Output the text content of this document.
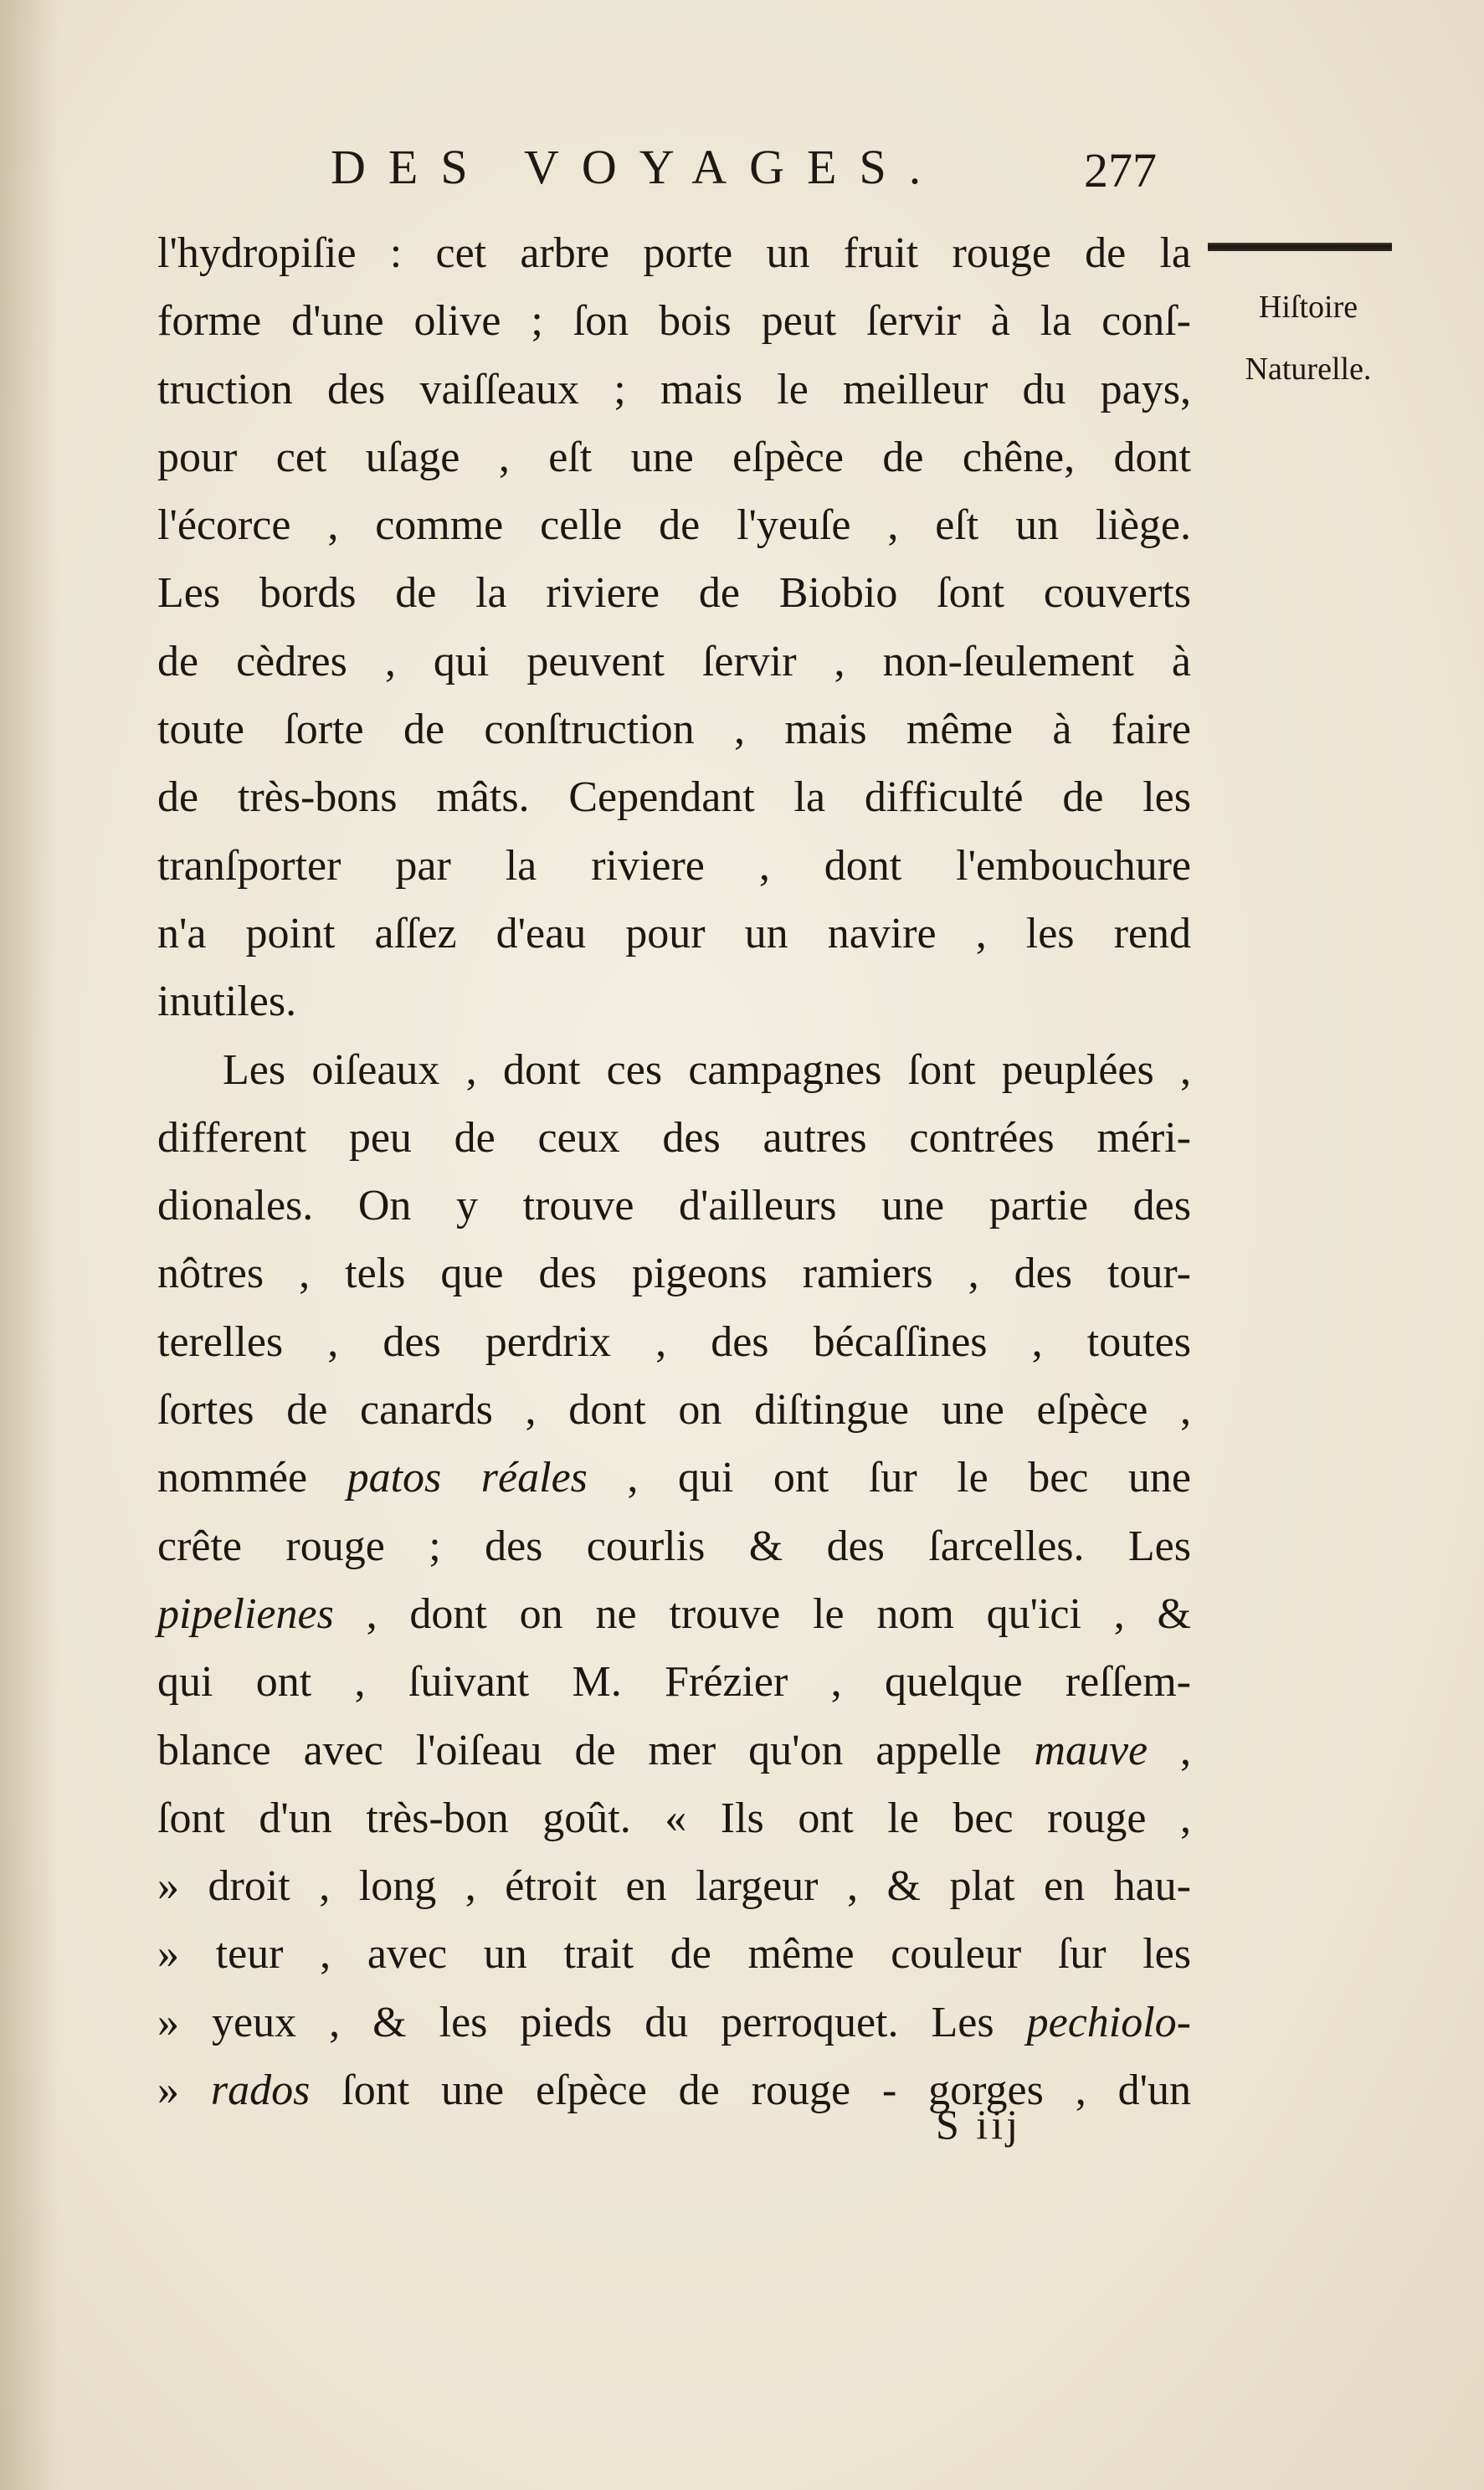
DES VOYAGES.	277
Hiſtoire
Naturelle.

l'hydropiſie : cet arbre porte un fruit rouge de la
forme d'une olive ; ſon bois peut ſervir à la conſ-
truction des vaiſſeaux ; mais le meilleur du pays,
pour cet uſage , eſt une eſpèce de chêne, dont
l'écorce , comme celle de l'yeuſe , eſt un liège.
Les bords de la riviere de Biobio ſont couverts
de cèdres , qui peuvent ſervir , non-ſeulement à
toute ſorte de conſtruction , mais même à faire
de très-bons mâts. Cependant la difficulté de les
tranſporter par la riviere , dont l'embouchure
n'a point aſſez d'eau pour un navire , les rend
inutiles.

Les oiſeaux , dont ces campagnes ſont peuplées ,
different peu de ceux des autres contrées méri-
dionales. On y trouve d'ailleurs une partie des
nôtres , tels que des pigeons ramiers , des tour-
terelles , des perdrix , des bécaſſines , toutes
ſortes de canards , dont on diſtingue une eſpèce ,
nommée patos réales , qui ont ſur le bec une
crête rouge ; des courlis & des ſarcelles. Les
pipelienes , dont on ne trouve le nom qu'ici , &
qui ont , ſuivant M. Frézier , quelque reſſem-
blance avec l'oiſeau de mer qu'on appelle mauve ,
ſont d'un très-bon goût. « Ils ont le bec rouge ,
» droit , long , étroit en largeur , & plat en hau-
» teur , avec un trait de même couleur ſur les
» yeux , & les pieds du perroquet. Les pechiolo-
» rados ſont une eſpèce de rouge - gorges , d'un

S iij
